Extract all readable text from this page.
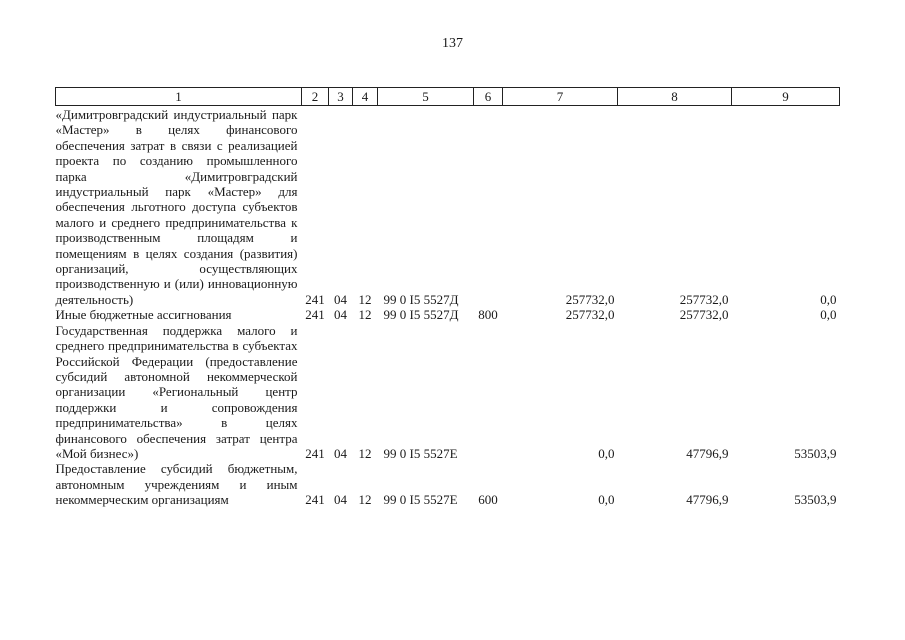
137
1	2	3	4	5	6	7	8	9

«Димитровградский индустриальный парк «Мастер» в целях финансового обеспечения затрат в связи с реализацией проекта по созданию промышленного парка «Димитровградский индустриальный парк «Мастер» для обеспечения льготного доступа субъектов малого и среднего предпринимательства к производственным площадям и помещениям в целях создания (развития) организаций, осуществляющих производственную и (или) инновационную деятельность)	241	04	12	99 0 I5 5527Д		257732,0	257732,0	0,0

Иные бюджетные ассигнования	241	04	12	99 0 I5 5527Д	800	257732,0	257732,0	0,0

Государственная поддержка малого и среднего предпринимательства в субъектах Российской Федерации (предоставление субсидий автономной некоммерческой организации «Региональный центр поддержки и сопровождения предпринимательства» в целях финансового обеспечения затрат центра «Мой бизнес»)	241	04	12	99 0 I5 5527Е		0,0	47796,9	53503,9

Предоставление субсидий бюджетным, автономным учреждениям и иным некоммерческим организациям	241	04	12	99 0 I5 5527Е	600	0,0	47796,9	53503,9
